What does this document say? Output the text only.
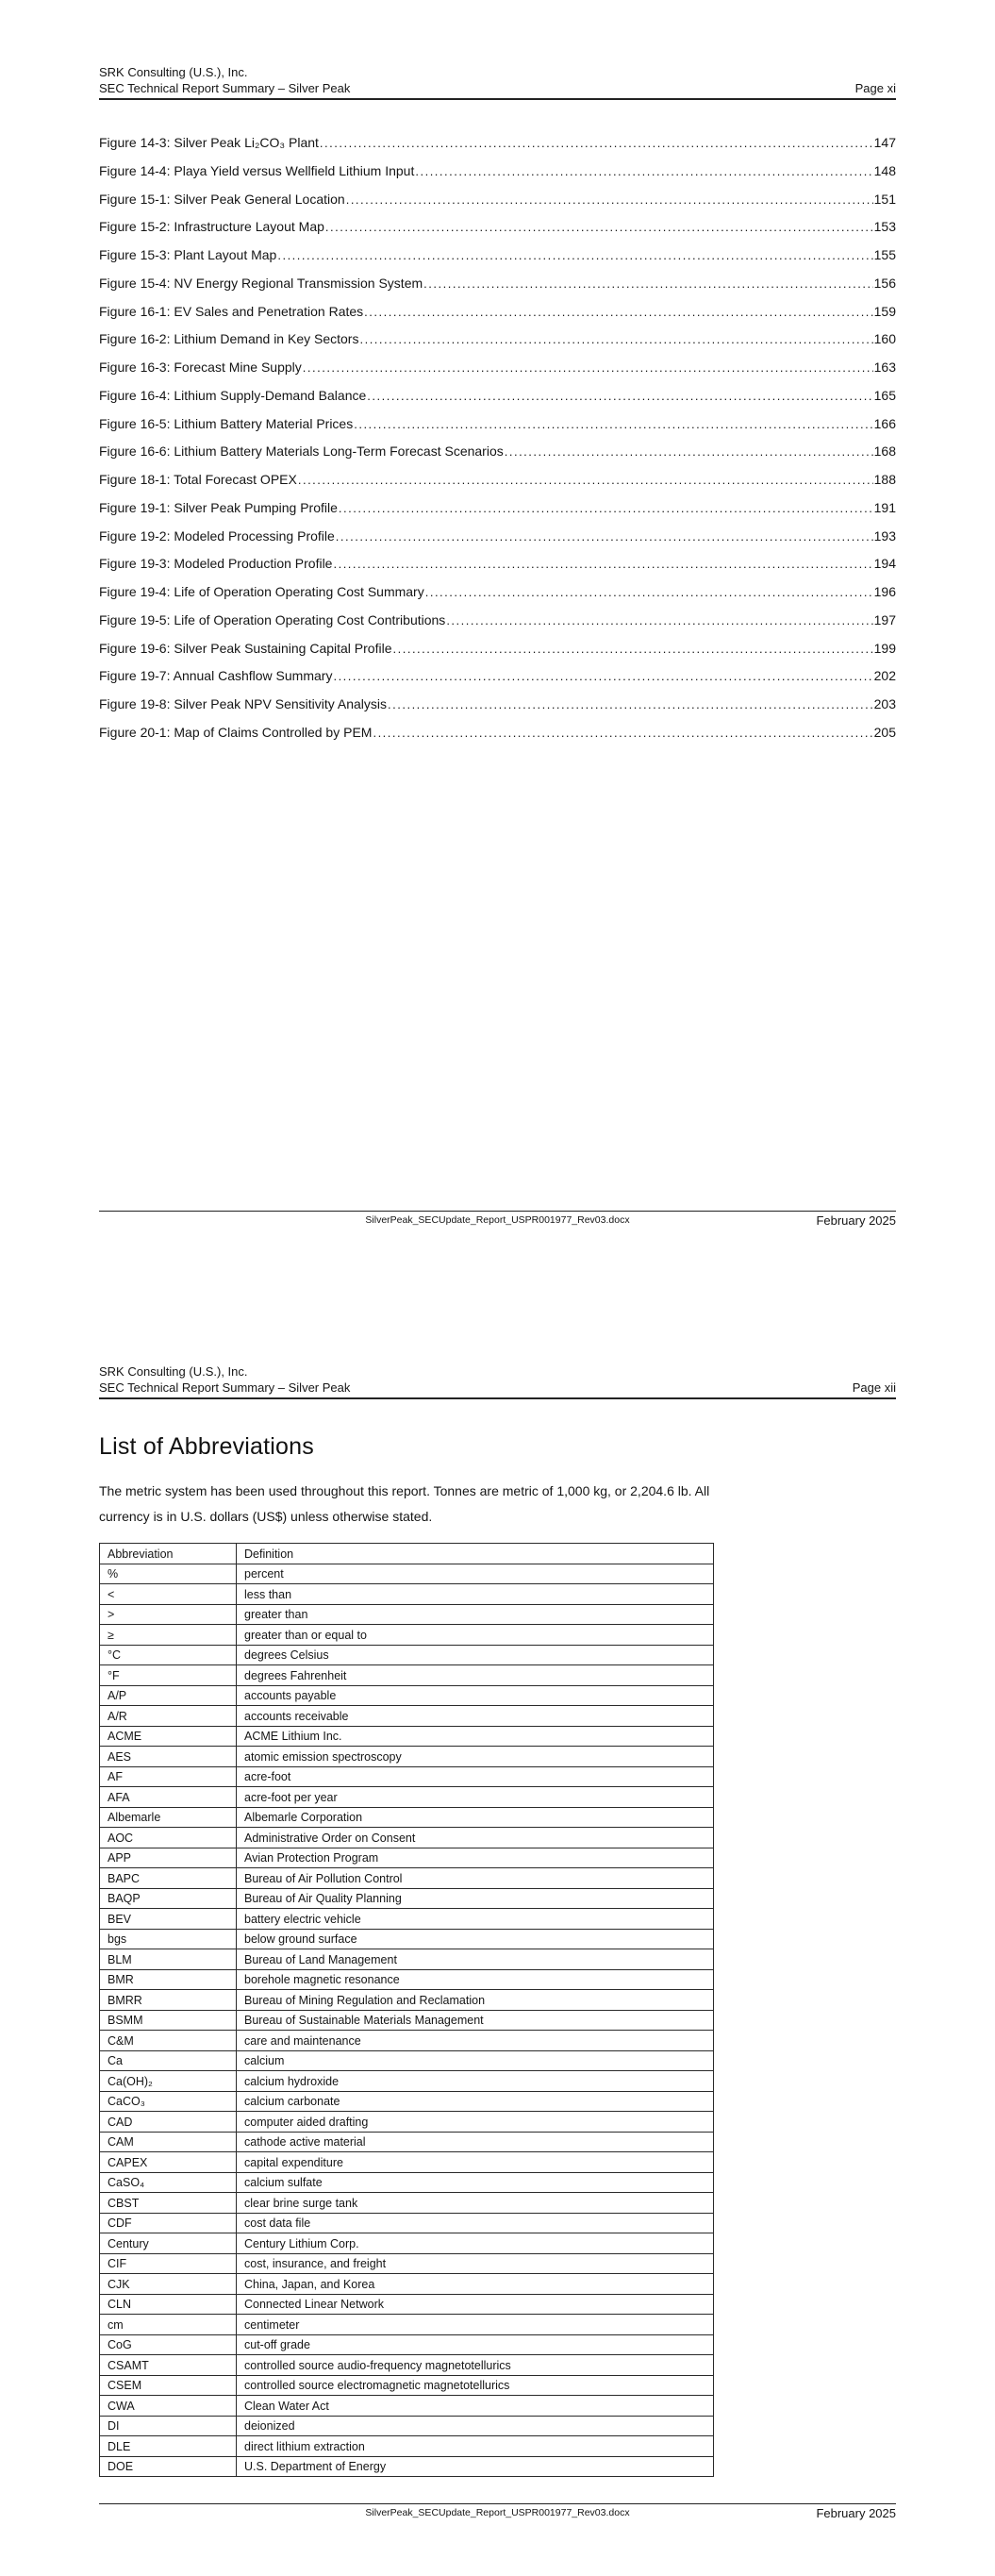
SRK Consulting (U.S.), Inc.
SEC Technical Report Summary – Silver Peak	Page xi
Figure 14-3: Silver Peak Li₂CO₃ Plant .....	147
Figure 14-4: Playa Yield versus Wellfield Lithium Input .....	148
Figure 15-1: Silver Peak General Location .....	151
Figure 15-2: Infrastructure Layout Map .....	153
Figure 15-3: Plant Layout Map .....	155
Figure 15-4: NV Energy Regional Transmission System .....	156
Figure 16-1: EV Sales and Penetration Rates .....	159
Figure 16-2: Lithium Demand in Key Sectors .....	160
Figure 16-3: Forecast Mine Supply .....	163
Figure 16-4: Lithium Supply-Demand Balance .....	165
Figure 16-5: Lithium Battery Material Prices .....	166
Figure 16-6: Lithium Battery Materials Long-Term Forecast Scenarios .....	168
Figure 18-1: Total Forecast OPEX .....	188
Figure 19-1: Silver Peak Pumping Profile .....	191
Figure 19-2: Modeled Processing Profile .....	193
Figure 19-3: Modeled Production Profile .....	194
Figure 19-4: Life of Operation Operating Cost Summary .....	196
Figure 19-5: Life of Operation Operating Cost Contributions .....	197
Figure 19-6: Silver Peak Sustaining Capital Profile .....	199
Figure 19-7: Annual Cashflow Summary .....	202
Figure 19-8: Silver Peak NPV Sensitivity Analysis .....	203
Figure 20-1: Map of Claims Controlled by PEM .....	205
SilverPeak_SECUpdate_Report_USPR001977_Rev03.docx	February 2025
SRK Consulting (U.S.), Inc.
SEC Technical Report Summary – Silver Peak	Page xii
List of Abbreviations

The metric system has been used throughout this report. Tonnes are metric of 1,000 kg, or 2,204.6 lb. All
currency is in U.S. dollars (US$) unless otherwise stated.

Abbreviation	Definition
%	percent
<	less than
>	greater than
≥	greater than or equal to
°C	degrees Celsius
°F	degrees Fahrenheit
A/P	accounts payable
A/R	accounts receivable
ACME	ACME Lithium Inc.
AES	atomic emission spectroscopy
AF	acre-foot
AFA	acre-foot per year
Albemarle	Albemarle Corporation
AOC	Administrative Order on Consent
APP	Avian Protection Program
BAPC	Bureau of Air Pollution Control
BAQP	Bureau of Air Quality Planning
BEV	battery electric vehicle
bgs	below ground surface
BLM	Bureau of Land Management
BMR	borehole magnetic resonance
BMRR	Bureau of Mining Regulation and Reclamation
BSMM	Bureau of Sustainable Materials Management
C&M	care and maintenance
Ca	calcium
Ca(OH)₂	calcium hydroxide
CaCO₃	calcium carbonate
CAD	computer aided drafting
CAM	cathode active material
CAPEX	capital expenditure
CaSO₄	calcium sulfate
CBST	clear brine surge tank
CDF	cost data file
Century	Century Lithium Corp.
CIF	cost, insurance, and freight
CJK	China, Japan, and Korea
CLN	Connected Linear Network
cm	centimeter
CoG	cut-off grade
CSAMT	controlled source audio-frequency magnetotellurics
CSEM	controlled source electromagnetic magnetotellurics
CWA	Clean Water Act
DI	deionized
DLE	direct lithium extraction
DOE	U.S. Department of Energy
SilverPeak_SECUpdate_Report_USPR001977_Rev03.docx	February 2025
